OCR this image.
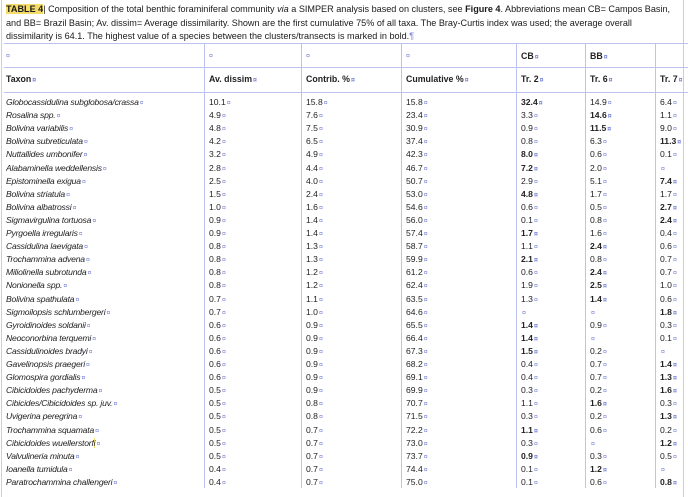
TABLE 4| Composition of the total benthic foraminiferal community via a SIMPER analysis based on clusters, see Figure 4. Abbreviations mean CB= Campos Basin, and BB= Brazil Basin; Av. dissim= Average dissimilarity. Shown are the first cumulative 75% of all taxa. The Bray-Curtis index was used; the average overall dissimilarity is 64.1. The highest value of a species between the clusters/transects is marked in bold.¶
¤	¤	¤	¤	CB¤	BB¤
Taxon¤	Av. dissim¤	Contrib. %¤	Cumulative %¤	Tr. 2¤	Tr. 6¤	Tr. 7¤
Globocassidulina subglobosa/crassa¤	10.1¤	15.8¤	15.8¤	32.4¤	14.9¤	6.4¤
Rosalina spp.¤	4.9¤	7.6¤	23.4¤	3.3¤	14.6¤	1.1¤
Bolivina variabilis¤	4.8¤	7.5¤	30.9¤	0.9¤	11.5¤	9.0¤
Bolivina subreticulata¤	4.2¤	6.5¤	37.4¤	0.8¤	6.3¤	11.3¤
Nuttallides umbonifer¤	3.2¤	4.9¤	42.3¤	8.0¤	0.6¤	0.1¤
Alabaminella weddellensis¤	2.8¤	4.4¤	46.7¤	7.2¤	2.0¤	¤
Epistominella exigua¤	2.5¤	4.0¤	50.7¤	2.9¤	5.1¤	7.4¤
Bolivina striatula¤	1.5¤	2.4¤	53.0¤	4.8¤	1.7¤	1.7¤
Bolivina albatrossi¤	1.0¤	1.6¤	54.6¤	0.6¤	0.5¤	2.7¤
Sigmavirgulina tortuosa¤	0.9¤	1.4¤	56.0¤	0.1¤	0.8¤	2.4¤
Pyrgoella irregularis¤	0.9¤	1.4¤	57.4¤	1.7¤	1.6¤	0.4¤
Cassidulina laevigata¤	0.8¤	1.3¤	58.7¤	1.1¤	2.4¤	0.6¤
Trochammina advena¤	0.8¤	1.3¤	59.9¤	2.1¤	0.8¤	0.7¤
Miliolinella subrotunda¤	0.8¤	1.2¤	61.2¤	0.6¤	2.4¤	0.7¤
Nonionella spp.¤	0.8¤	1.2¤	62.4¤	1.9¤	2.5¤	1.0¤
Bolivina spathulata¤	0.7¤	1.1¤	63.5¤	1.3¤	1.4¤	0.6¤
Sigmoilopsis schlumbergeri¤	0.7¤	1.0¤	64.6¤	¤	¤	1.8¤
Gyroidinoides soldanii¤	0.6¤	0.9¤	65.5¤	1.4¤	0.9¤	0.3¤
Neoconorbina terquemi¤	0.6¤	0.9¤	66.4¤	1.4¤	¤	0.1¤
Cassidulinoides bradyi¤	0.6¤	0.9¤	67.3¤	1.5¤	0.2¤	¤
Gavelinopsis praegeri¤	0.6¤	0.9¤	68.2¤	0.4¤	0.7¤	1.4¤
Glomospira gordialis¤	0.6¤	0.9¤	69.1¤	0.4¤	0.7¤	1.3¤
Cibicidoides pachyderma¤	0.5¤	0.9¤	69.9¤	0.3¤	0.2¤	1.6¤
Cibicides/Cibicidoides sp. juv.¤	0.5¤	0.8¤	70.7¤	1.1¤	1.6¤	0.3¤
Uvigerina peregrina¤	0.5¤	0.8¤	71.5¤	0.3¤	0.2¤	1.3¤
Trochammina squamata¤	0.5¤	0.7¤	72.2¤	1.1¤	0.6¤	0.2¤
Cibicidoides wuellerstorfi¤	0.5¤	0.7¤	73.0¤	0.3¤	¤	1.2¤
Valvulineria minuta¤	0.5¤	0.7¤	73.7¤	0.9¤	0.3¤	0.5¤
Ioanella tumidula¤	0.4¤	0.7¤	74.4¤	0.1¤	1.2¤	¤
Paratrochammina challengeri¤	0.4¤	0.7¤	75.0¤	0.1¤	0.6¤	0.8¤
